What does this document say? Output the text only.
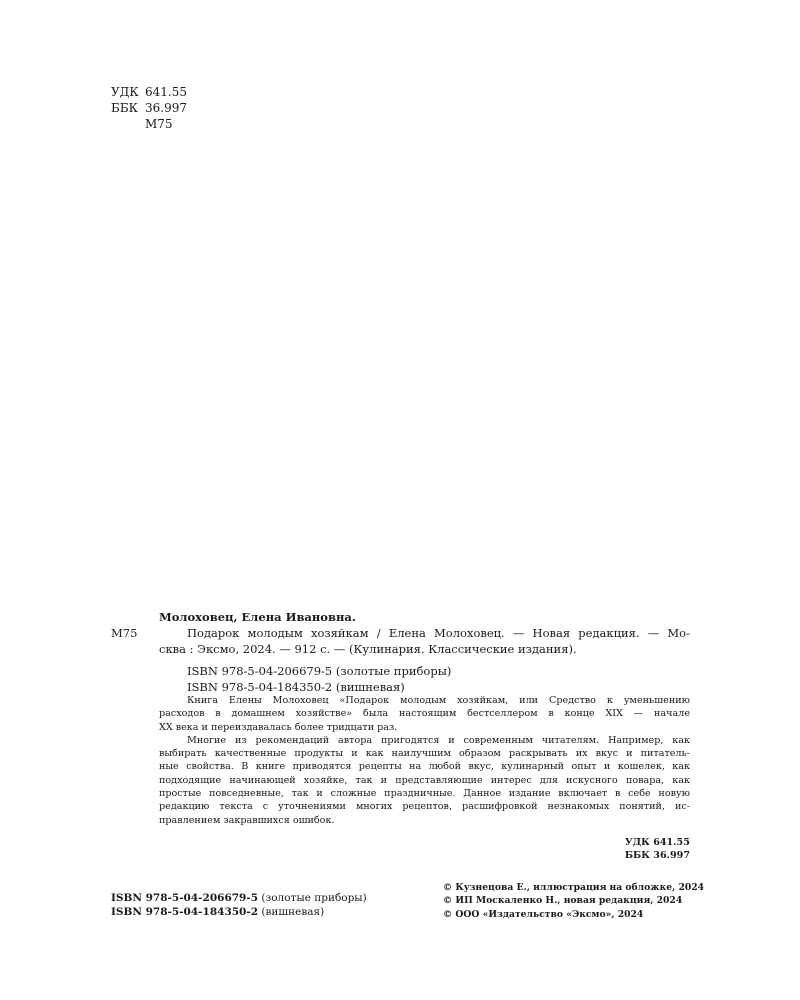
УДК 641.55
ББК 36.997
М75
Молоховец, Елена Ивановна.
М75	Подарок молодым хозяйкам / Елена Молоховец. — Новая редакция. — Мо-
сква : Эксмо, 2024. — 912 с. — (Кулинария. Классические издания).
ISBN 978-5-04-206679-5 (золотые приборы)
ISBN 978-5-04-184350-2 (вишневая)

Книга Елены Молоховец «Подарок молодым хозяйкам, или Средство к уменьшению
расходов в домашнем хозяйстве» была настоящим бестселлером в конце XIX — начале
XX века и переиздавалась более тридцати раз.

Многие из рекомендаций автора пригодятся и современным читателям. Например, как
выбирать качественные продукты и как наилучшим образом раскрывать их вкус и питатель-
ные свойства. В книге приводятся рецепты на любой вкус, кулинарный опыт и кошелек, как
подходящие начинающей хозяйке, так и представляющие интерес для искусного повара, как
простые повседневные, так и сложные праздничные. Данное издание включает в себе новую
редакцию текста с уточнениями многих рецептов, расшифровкой незнакомых понятий, ис-
правлением закравшихся ошибок.

УДК 641.55
ББК 36.997
ISBN 978-5-04-206679-5 (золотые приборы)
ISBN 978-5-04-184350-2 (вишневая)
© Кузнецова Е., иллюстрация на обложке, 2024
© ИП Москаленко Н., новая редакция, 2024
© ООО «Издательство «Эксмо», 2024
